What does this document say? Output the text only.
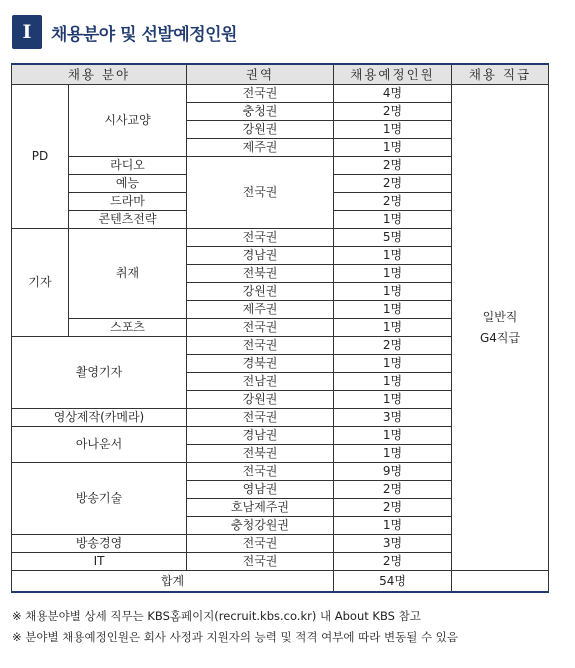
I	채용분야 및 선발예정인원
채용 분야		권역	채용예정인원	채용 직급
PD	시사교양	전국권	4명	일반직
G4직급

		충청권	2명	
		강원권	1명	
		제주권	1명	
	라디오	전국권	2명	
	예능		2명	
	드라마		2명	
	콘텐츠전략		1명	
기자	취재	전국권	5명	
		경남권	1명	
		전북권	1명	
		강원권	1명	
		제주권	1명	
	스포츠	전국권	1명	
촬영기자		전국권	2명	
		경북권	1명	
		전남권	1명	
		강원권	1명	
영상제작(카메라)		전국권	3명	
아나운서		경남권	1명	
		전북권	1명	
방송기술		전국권	9명	
		영남권	2명	
		호남제주권	2명	
		충청강원권	1명	
방송경영		전국권	3명	
IT		전국권	2명	
합계			54명	
※ 채용분야별 상세 직무는 KBS홈페이지(recruit.kbs.co.kr) 내 About KBS 참고
※ 분야별 채용예정인원은 회사 사정과 지원자의 능력 및 적격 여부에 따라 변동될 수 있음
